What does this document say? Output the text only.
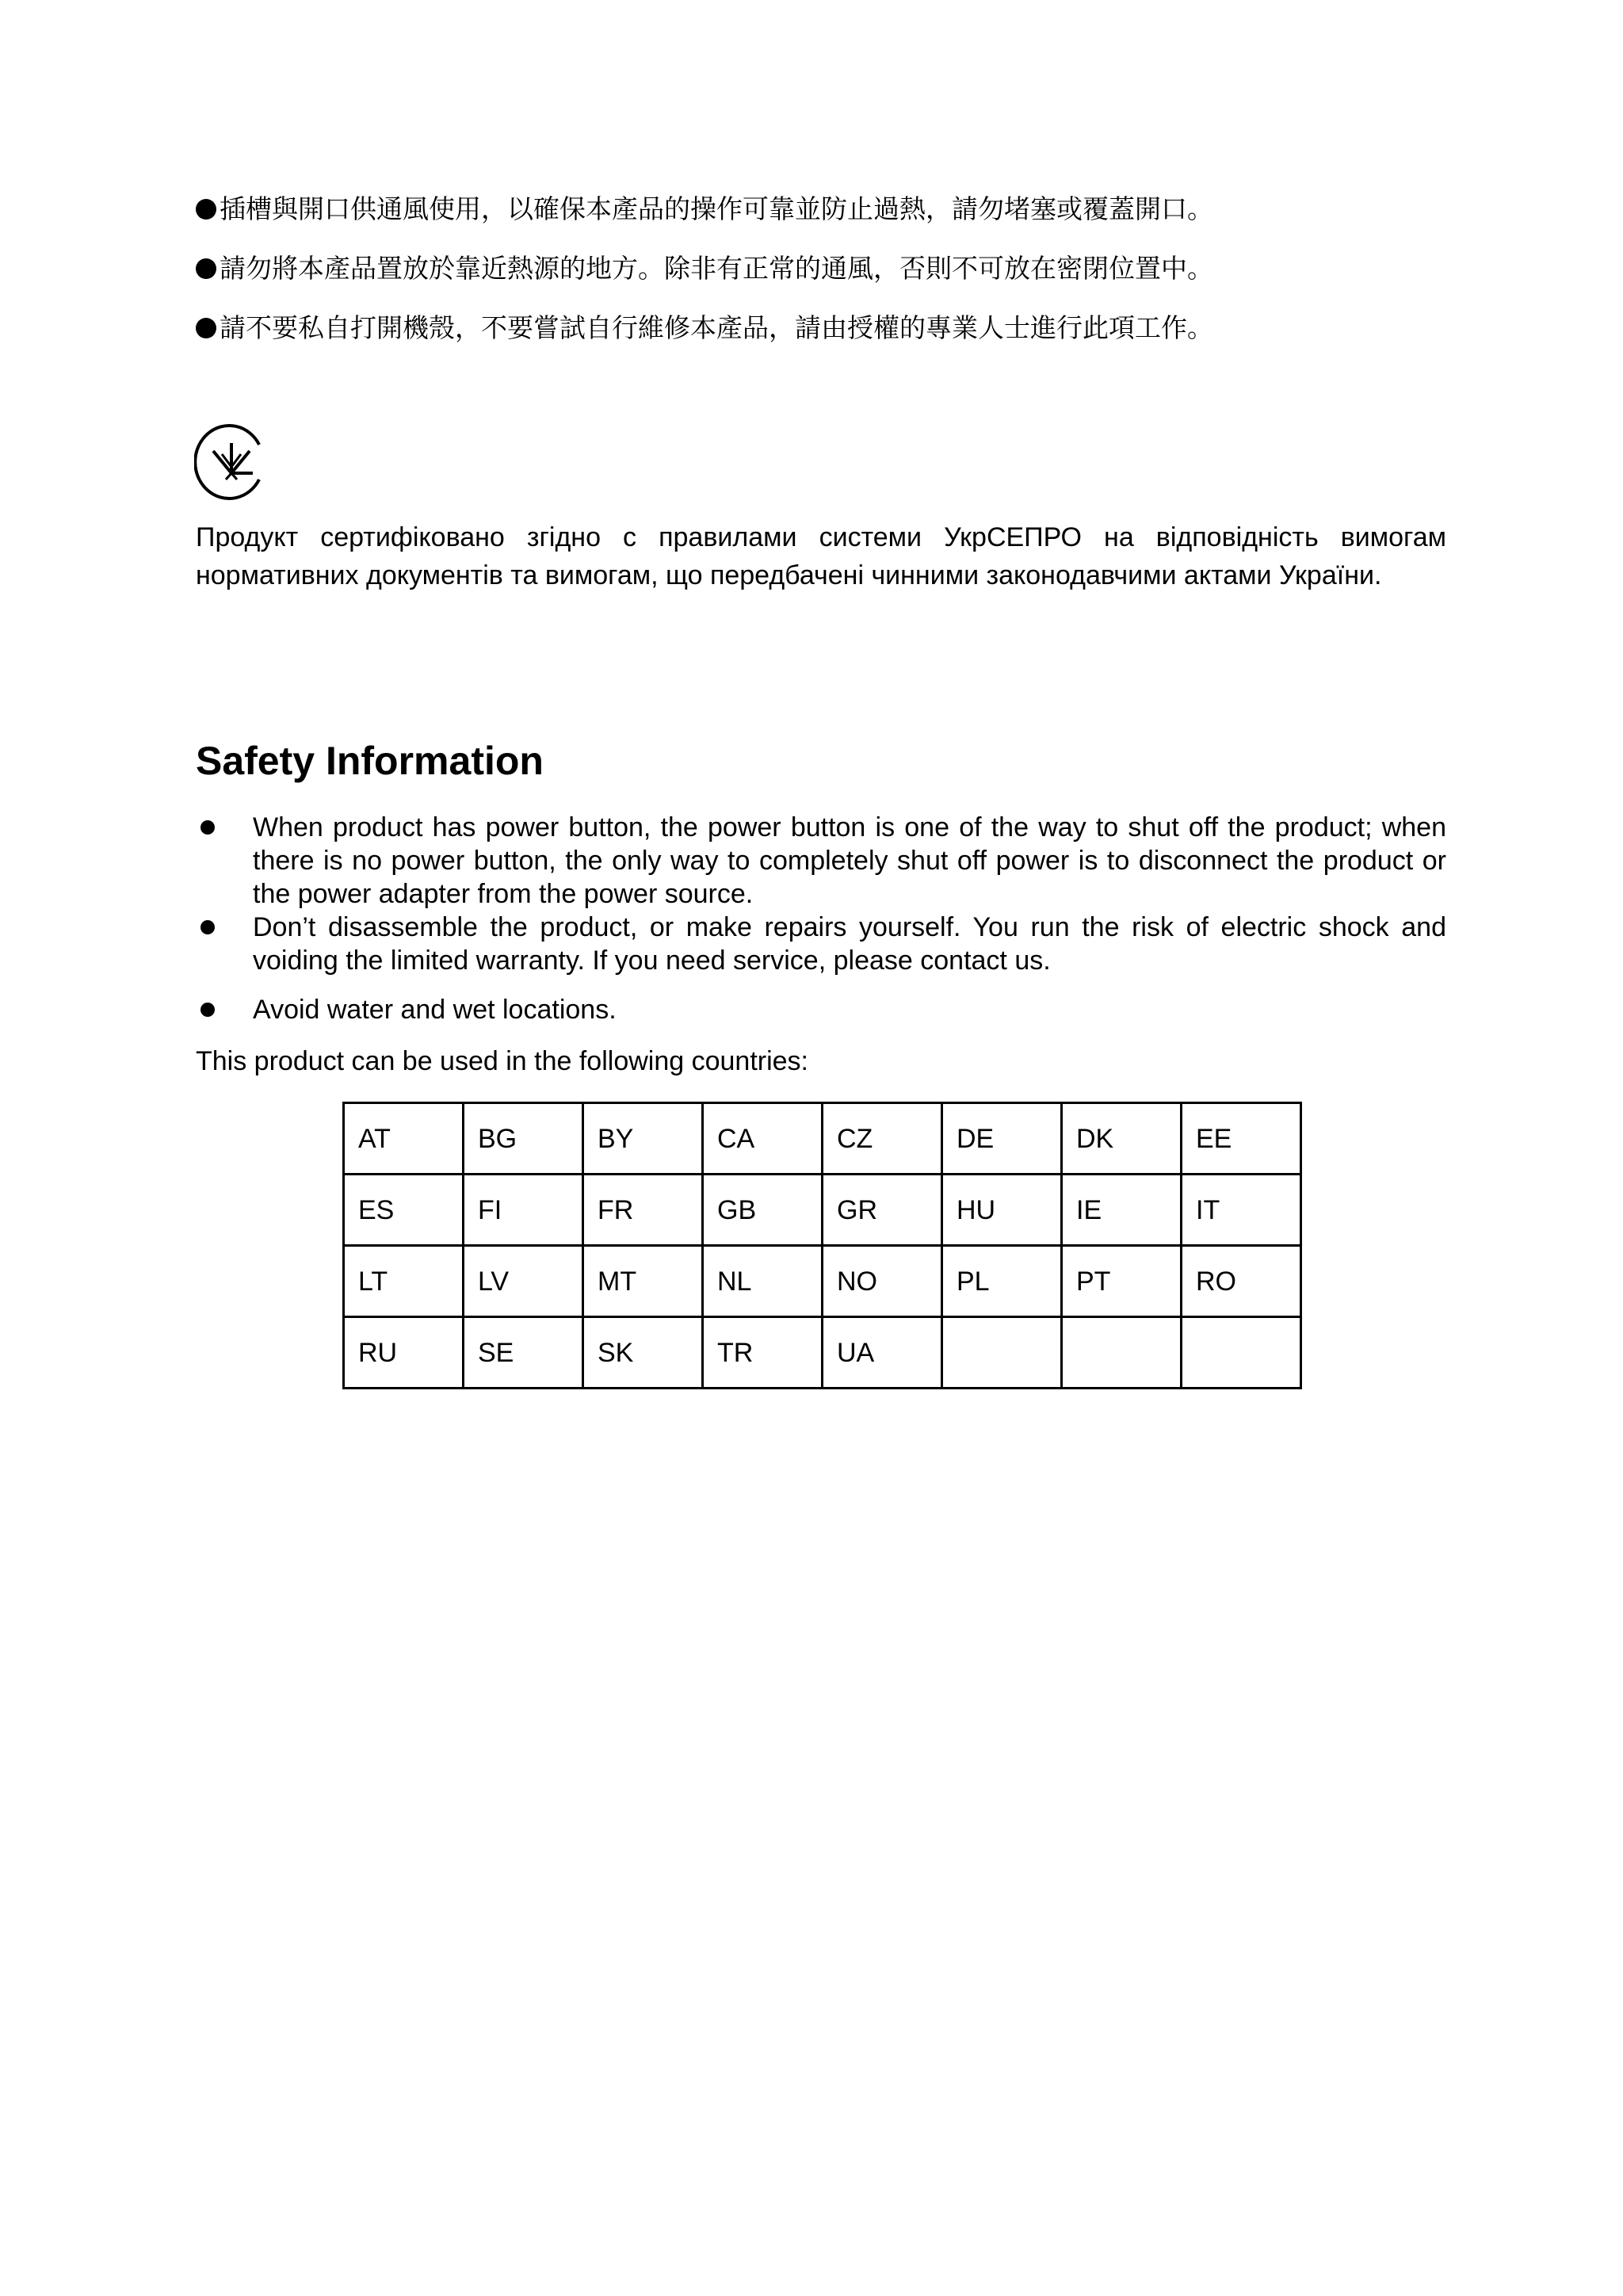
插槽與開口供通風使用，以確保本產品的操作可靠並防止過熱，請勿堵塞或覆蓋開口。
請勿將本產品置放於靠近熱源的地方。除非有正常的通風，否則不可放在密閉位置中。
請不要私自打開機殼，不要嘗試自行維修本產品，請由授權的專業人士進行此項工作。

Продукт сертифіковано згідно с правилами системи УкрСЕПРО на відповідність вимогам нормативних документів та вимогам, що передбачені чинними законодавчими актами України.

Safety Information
When product has power button, the power button is one of the way to shut off the product; when there is no power button, the only way to completely shut off power is to disconnect the product or the power adapter from the power source.
Don’t disassemble the product, or make repairs yourself. You run the risk of electric shock and voiding the limited warranty. If you need service, please contact us.
Avoid water and wet locations.
This product can be used in the following countries:
AT	BG	BY	CA	CZ	DE	DK	EE
ES	FI	FR	GB	GR	HU	IE	IT
LT	LV	MT	NL	NO	PL	PT	RO
RU	SE	SK	TR	UA			
